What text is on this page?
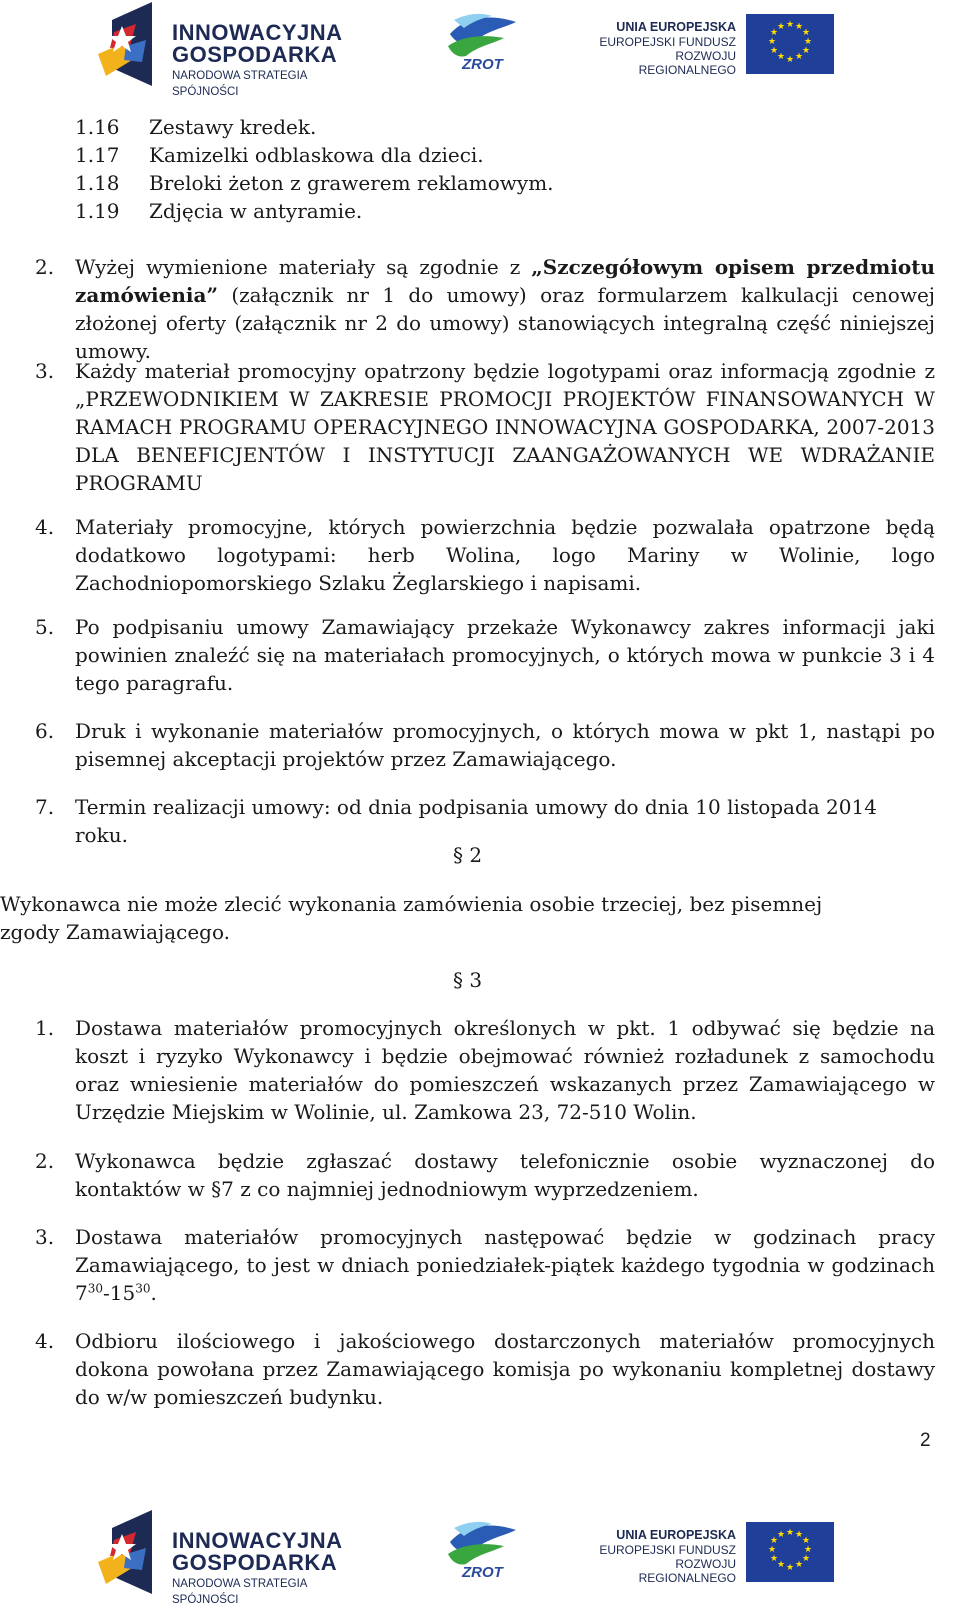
INNOWACYJNA
GOSPODARKA
NARODOWA STRATEGIA SPÓJNOŚCI
ZROT
UNIA EUROPEJSKA
EUROPEJSKI FUNDUSZ
ROZWOJU REGIONALNEGO
★ ★
★
★
★
★
★
★
★
★
★
★
1.16	Zestawy kredek.
1.17	Kamizelki odblaskowa dla dzieci.
1.18	Breloki żeton z grawerem reklamowym.
1.19	Zdjęcia w antyramie.
2.	Wyżej wymienione materiały są zgodnie z „Szczegółowym opisem przedmiotu zamówienia” (załącznik nr 1 do umowy) oraz formularzem kalkulacji cenowej złożonej oferty (załącznik nr 2 do umowy) stanowiących integralną część niniejszej umowy.
3.	Każdy materiał promocyjny opatrzony będzie logotypami oraz informacją zgodnie z „PRZEWODNIKIEM W ZAKRESIE PROMOCJI PROJEKTÓW FINANSOWANYCH W RAMACH PROGRAMU OPERACYJNEGO INNOWACYJNA GOSPODARKA, 2007-2013 DLA BENEFICJENTÓW I INSTYTUCJI ZAANGAŻOWANYCH WE WDRAŻANIE PROGRAMU
4.	Materiały promocyjne, których powierzchnia będzie pozwalała opatrzone będą dodatkowo logotypami: herb Wolina, logo Mariny w Wolinie, logo Zachodniopomorskiego Szlaku Żeglarskiego i napisami.
5.	Po podpisaniu umowy Zamawiający przekaże Wykonawcy zakres informacji jaki powinien znaleźć się na materiałach promocyjnych, o których mowa w punkcie 3 i 4 tego paragrafu.
6.	Druk i wykonanie materiałów promocyjnych, o których mowa w pkt 1, nastąpi po pisemnej akceptacji projektów przez Zamawiającego.
7.	Termin realizacji umowy: od dnia podpisania umowy do dnia 10 listopada 2014 roku.
§ 2
Wykonawca nie może zlecić wykonania zamówienia osobie trzeciej, bez pisemnej zgody Zamawiającego.
§ 3
1.	Dostawa materiałów promocyjnych określonych w pkt. 1 odbywać się będzie na koszt i ryzyko Wykonawcy i będzie obejmować również rozładunek z samochodu oraz wniesienie materiałów do pomieszczeń wskazanych przez Zamawiającego w Urzędzie Miejskim w Wolinie, ul. Zamkowa 23, 72-510 Wolin.
2.	Wykonawca będzie zgłaszać dostawy telefonicznie osobie wyznaczonej do kontaktów w §7 z co najmniej jednodniowym wyprzedzeniem.
3.	Dostawa materiałów promocyjnych następować będzie w godzinach pracy Zamawiającego, to jest w dniach poniedziałek-piątek każdego tygodnia w godzinach $7^{30}-15^{30}$.
4.	Odbioru ilościowego i jakościowego dostarczonych materiałów promocyjnych dokona powołana przez Zamawiającego komisja po wykonaniu kompletnej dostawy do w/w pomieszczeń budynku.
2
INNOWACYJNA
GOSPODARKA
NARODOWA STRATEGIA SPÓJNOŚCI
ZROT
UNIA EUROPEJSKA
EUROPEJSKI FUNDUSZ
ROZWOJU REGIONALNEGO
★ ★
★
★
★
★
★
★
★
★
★
★
